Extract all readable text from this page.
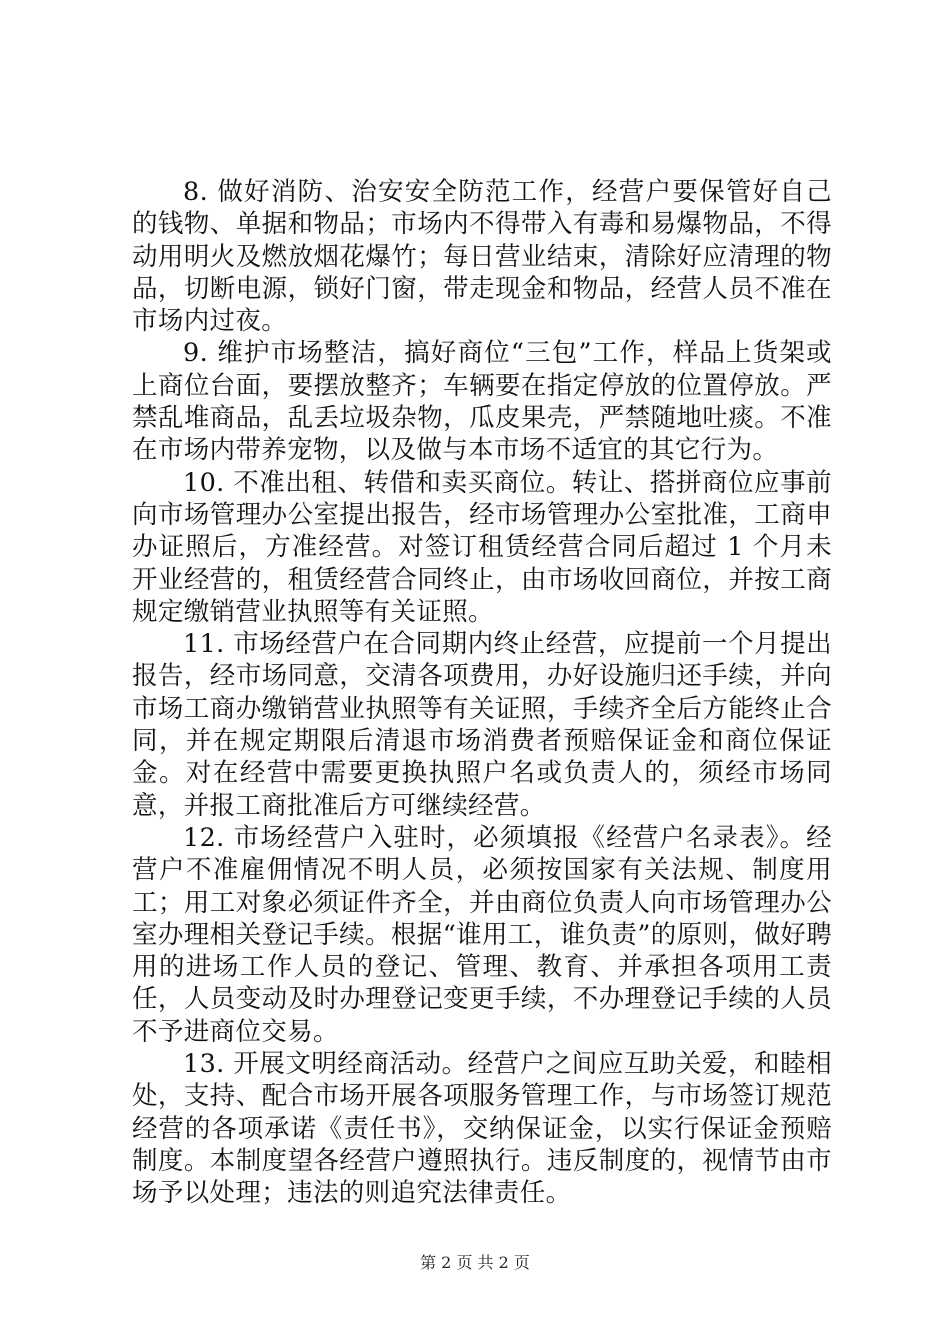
8. 做好消防、治安安全防范工作，经营户要保管好自己的钱物、单据和物品；市场内不得带入有毒和易爆物品，不得动用明火及燃放烟花爆竹；每日营业结束，清除好应清理的物品，切断电源，锁好门窗，带走现金和物品，经营人员不准在市场内过夜。

9. 维护市场整洁，搞好商位“三包”工作，样品上货架或上商位台面，要摆放整齐；车辆要在指定停放的位置停放。严禁乱堆商品，乱丢垃圾杂物，瓜皮果壳，严禁随地吐痰。不准在市场内带养宠物，以及做与本市场不适宜的其它行为。

10. 不准出租、转借和卖买商位。转让、搭拼商位应事前向市场管理办公室提出报告，经市场管理办公室批准，工商申办证照后，方准经营。对签订租赁经营合同后超过 1 个月未开业经营的，租赁经营合同终止，由市场收回商位，并按工商规定缴销营业执照等有关证照。

11. 市场经营户在合同期内终止经营，应提前一个月提出报告，经市场同意，交清各项费用，办好设施归还手续，并向市场工商办缴销营业执照等有关证照，手续齐全后方能终止合同，并在规定期限后清退市场消费者预赔保证金和商位保证金。对在经营中需要更换执照户名或负责人的，须经市场同意，并报工商批准后方可继续经营。

12. 市场经营户入驻时，必须填报《经营户名录表》。经营户不准雇佣情况不明人员，必须按国家有关法规、制度用工；用工对象必须证件齐全，并由商位负责人向市场管理办公室办理相关登记手续。根据“谁用工，谁负责”的原则，做好聘用的进场工作人员的登记、管理、教育、并承担各项用工责任，人员变动及时办理登记变更手续，不办理登记手续的人员不予进商位交易。

13. 开展文明经商活动。经营户之间应互助关爱，和睦相处，支持、配合市场开展各项服务管理工作，与市场签订规范经营的各项承诺《责任书》，交纳保证金，以实行保证金预赔制度。本制度望各经营户遵照执行。违反制度的，视情节由市场予以处理；违法的则追究法律责任。

第 2 页 共 2 页
